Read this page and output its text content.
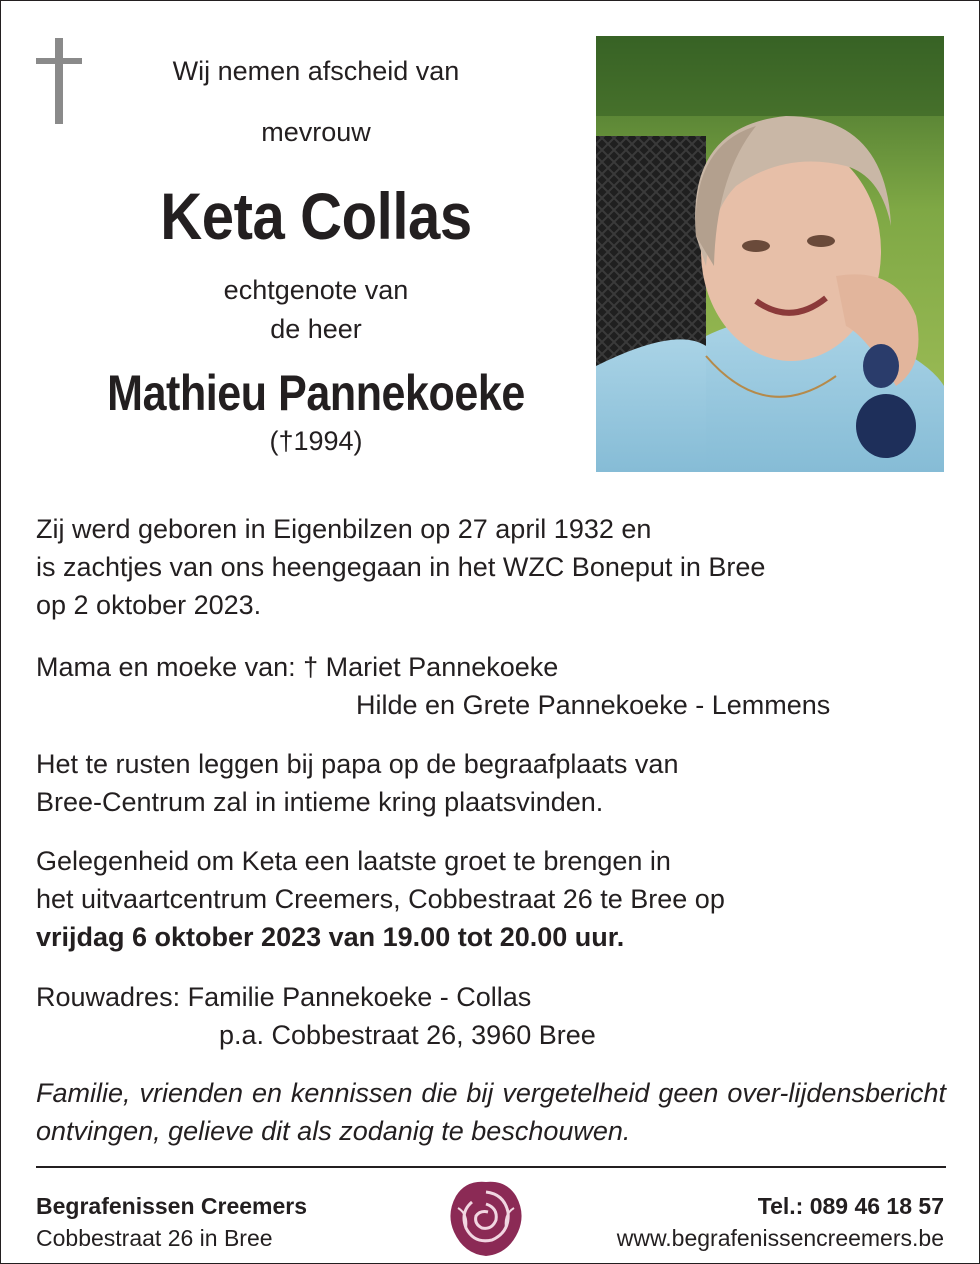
Wij nemen afscheid van
mevrouw
Keta Collas
echtgenote van
de heer
Mathieu Pannekoeke
(†1994)
Zij werd geboren in Eigenbilzen op 27 april 1932 en
is zachtjes van ons heengegaan in het WZC Boneput in Bree
op 2 oktober 2023.
Mama en moeke van: † Mariet Pannekoeke
Hilde en Grete Pannekoeke - Lemmens
Het te rusten leggen bij papa op de begraafplaats van
Bree-Centrum zal in intieme kring plaatsvinden.
Gelegenheid om Keta een laatste groet te brengen in
het uitvaartcentrum Creemers, Cobbestraat 26 te Bree op
vrijdag 6 oktober 2023 van 19.00 tot 20.00 uur.
Rouwadres: Familie Pannekoeke - Collas
p.a. Cobbestraat 26, 3960 Bree
Familie, vrienden en kennissen die bij vergetelheid geen over-lijdensbericht ontvingen, gelieve dit als zodanig te beschouwen.
Begrafenissen Creemers
Cobbestraat 26 in Bree
Tel.: 089 46 18 57
www.begrafenissencreemers.be
